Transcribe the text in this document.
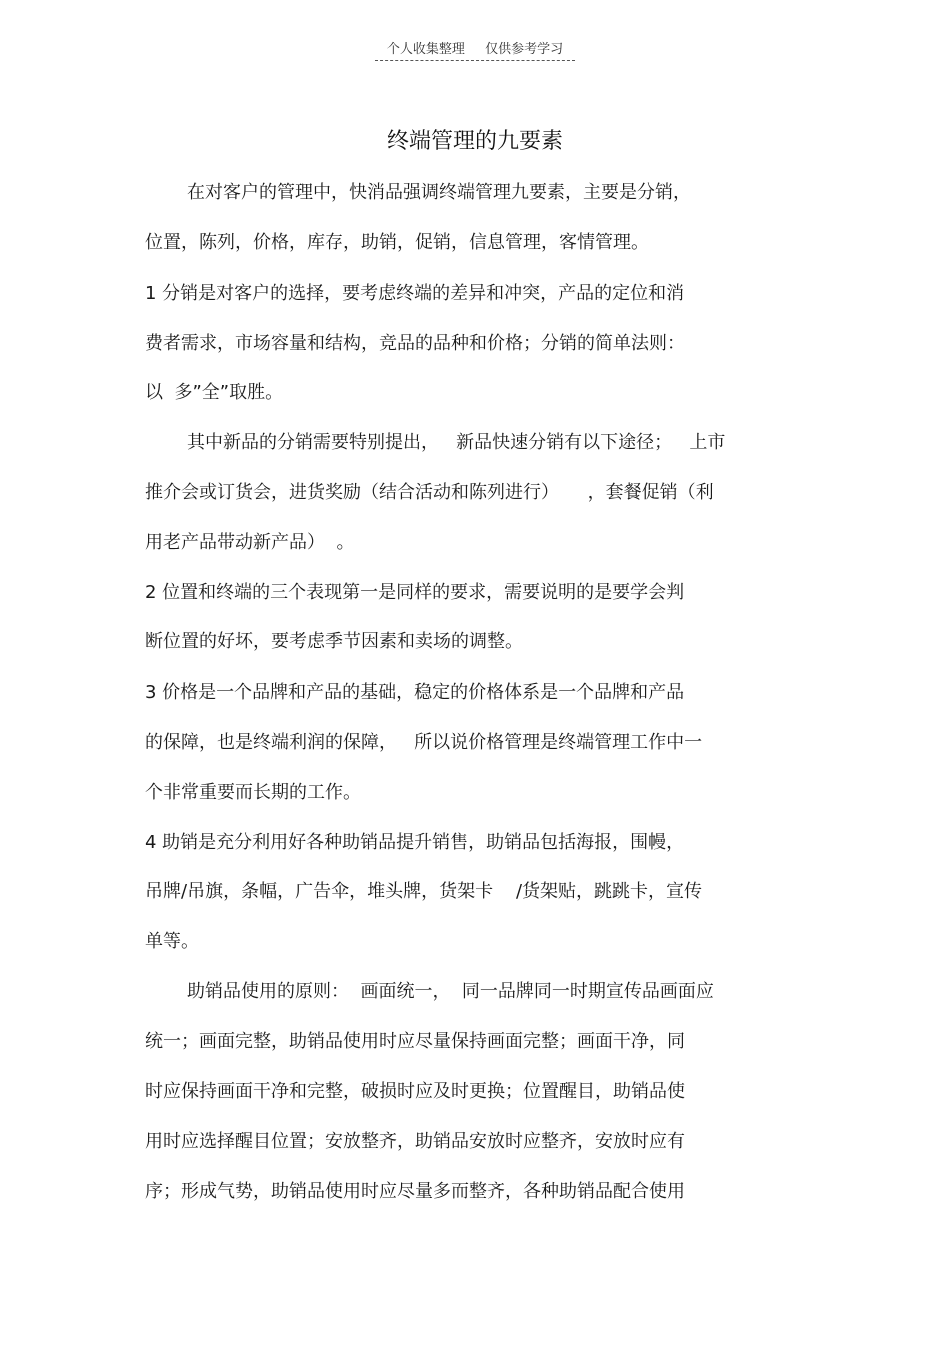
个人收集整理 仅供参考学习
终端管理的九要素
在对客户的管理中，快消品强调终端管理九要素，主要是分销，
位置，陈列，价格，库存，助销，促销，信息管理，客情管理。
1 分销是对客户的选择，要考虑终端的差异和冲突，产品的定位和消
费者需求，市场容量和结构，竞品的品种和价格；分销的简单法则：
以  多”全”取胜。
其中新品的分销需要特别提出，   新品快速分销有以下途径；   上市
推介会或订货会，进货奖励（结合活动和陈列进行）     ，套餐促销（利
用老产品带动新产品）  。
2 位置和终端的三个表现第一是同样的要求，需要说明的是要学会判
断位置的好坏，要考虑季节因素和卖场的调整。
3 价格是一个品牌和产品的基础，稳定的价格体系是一个品牌和产品
的保障，也是终端利润的保障，   所以说价格管理是终端管理工作中一
个非常重要而长期的工作。
4 助销是充分利用好各种助销品提升销售，助销品包括海报，围幔，
吊牌/吊旗，条幅，广告伞，堆头牌，货架卡    /货架贴，跳跳卡，宣传
单等。
助销品使用的原则：  画面统一，  同一品牌同一时期宣传品画面应
统一；画面完整，助销品使用时应尽量保持画面完整；画面干净，同
时应保持画面干净和完整，破损时应及时更换；位置醒目，助销品使
用时应选择醒目位置；安放整齐，助销品安放时应整齐，安放时应有
序；形成气势，助销品使用时应尽量多而整齐，各种助销品配合使用
